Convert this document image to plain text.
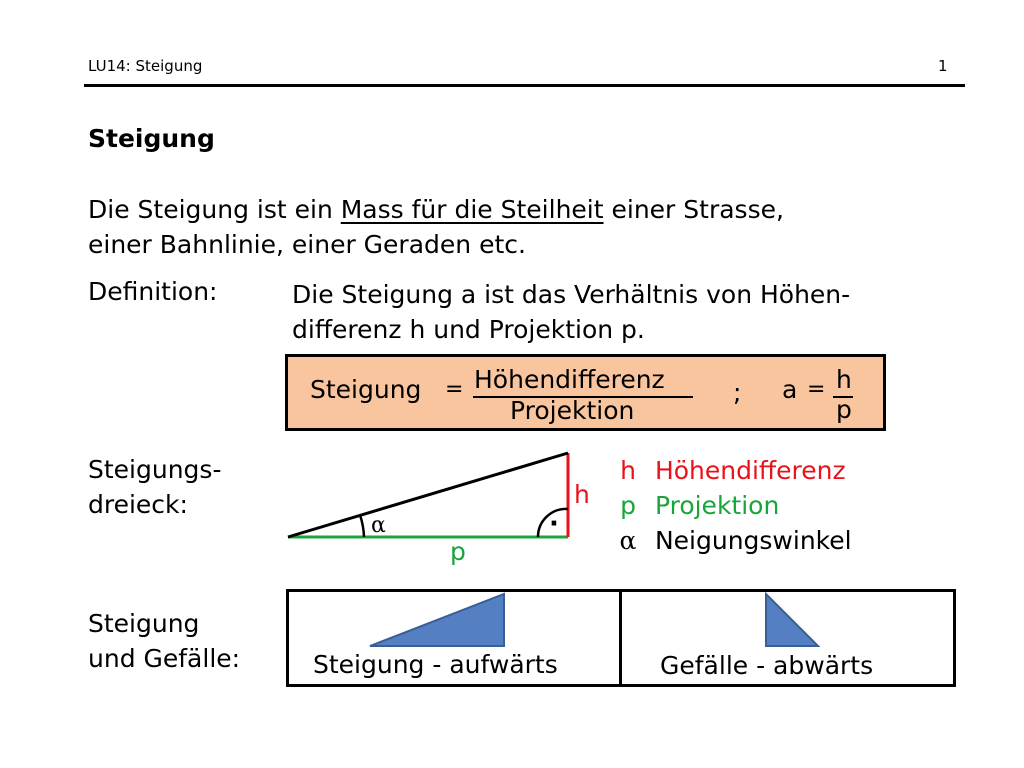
LU14: Steigung	1
Steigung
Die Steigung ist ein Mass für die Steilheit einer Strasse,
einer Bahnlinie, einer Geraden etc.
Definition:	Die Steigung a ist das Verhältnis von Höhen-
differenz h und Projektion p.
Steigung = Höhendifferenz
Projektion
; a = h
p
Steigungs-
dreieck:
α	·
h
p
h Höhendifferenz
p Projektion
α Neigungswinkel
Steigung
und Gefälle:	Steigung - aufwärts	Gefälle - abwärts
